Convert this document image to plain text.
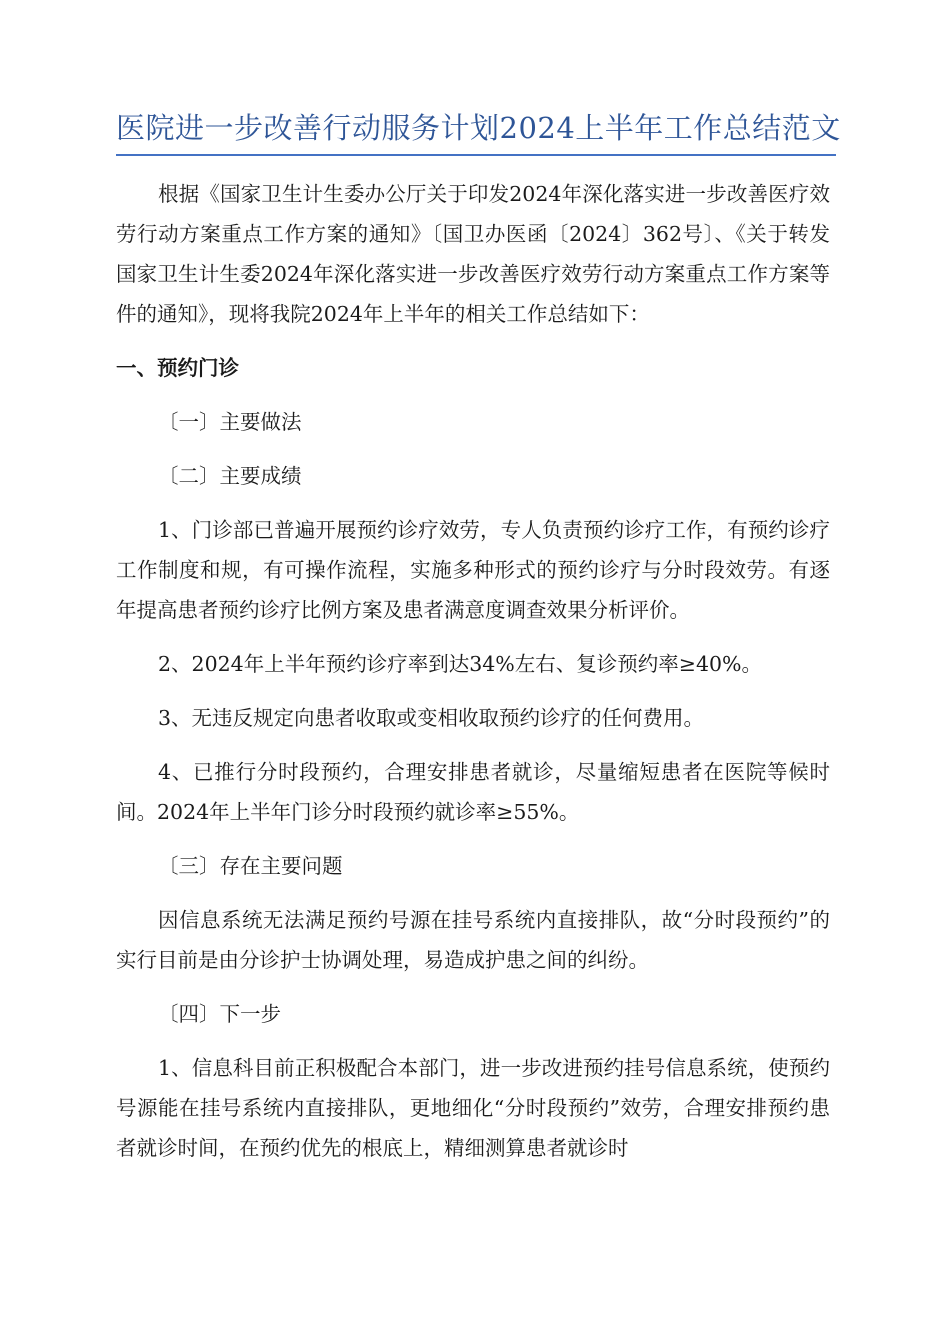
医院进一步改善行动服务计划2024上半年工作总结范文

根据《国家卫生计生委办公厅关于印发2024年深化落实进一步改善医疗效劳行动方案重点工作方案的通知》〔国卫办医函〔2024〕362号〕、《关于转发国家卫生计生委2024年深化落实进一步改善医疗效劳行动方案重点工作方案等件的通知》，现将我院2024年上半年的相关工作总结如下：

一、预约门诊

〔一〕主要做法

〔二〕主要成绩

1、门诊部已普遍开展预约诊疗效劳，专人负责预约诊疗工作，有预约诊疗工作制度和规，有可操作流程，实施多种形式的预约诊疗与分时段效劳。有逐年提高患者预约诊疗比例方案及患者满意度调查效果分析评价。

2、2024年上半年预约诊疗率到达34%左右、复诊预约率≥40%。

3、无违反规定向患者收取或变相收取预约诊疗的任何费用。

4、已推行分时段预约，合理安排患者就诊，尽量缩短患者在医院等候时间。2024年上半年门诊分时段预约就诊率≥55%。

〔三〕存在主要问题

因信息系统无法满足预约号源在挂号系统内直接排队，故“分时段预约”的实行目前是由分诊护士协调处理，易造成护患之间的纠纷。

〔四〕下一步

1、信息科目前正积极配合本部门，进一步改进预约挂号信息系统，使预约号源能在挂号系统内直接排队，更地细化“分时段预约”效劳，合理安排预约患者就诊时间，在预约优先的根底上，精细测算患者就诊时
